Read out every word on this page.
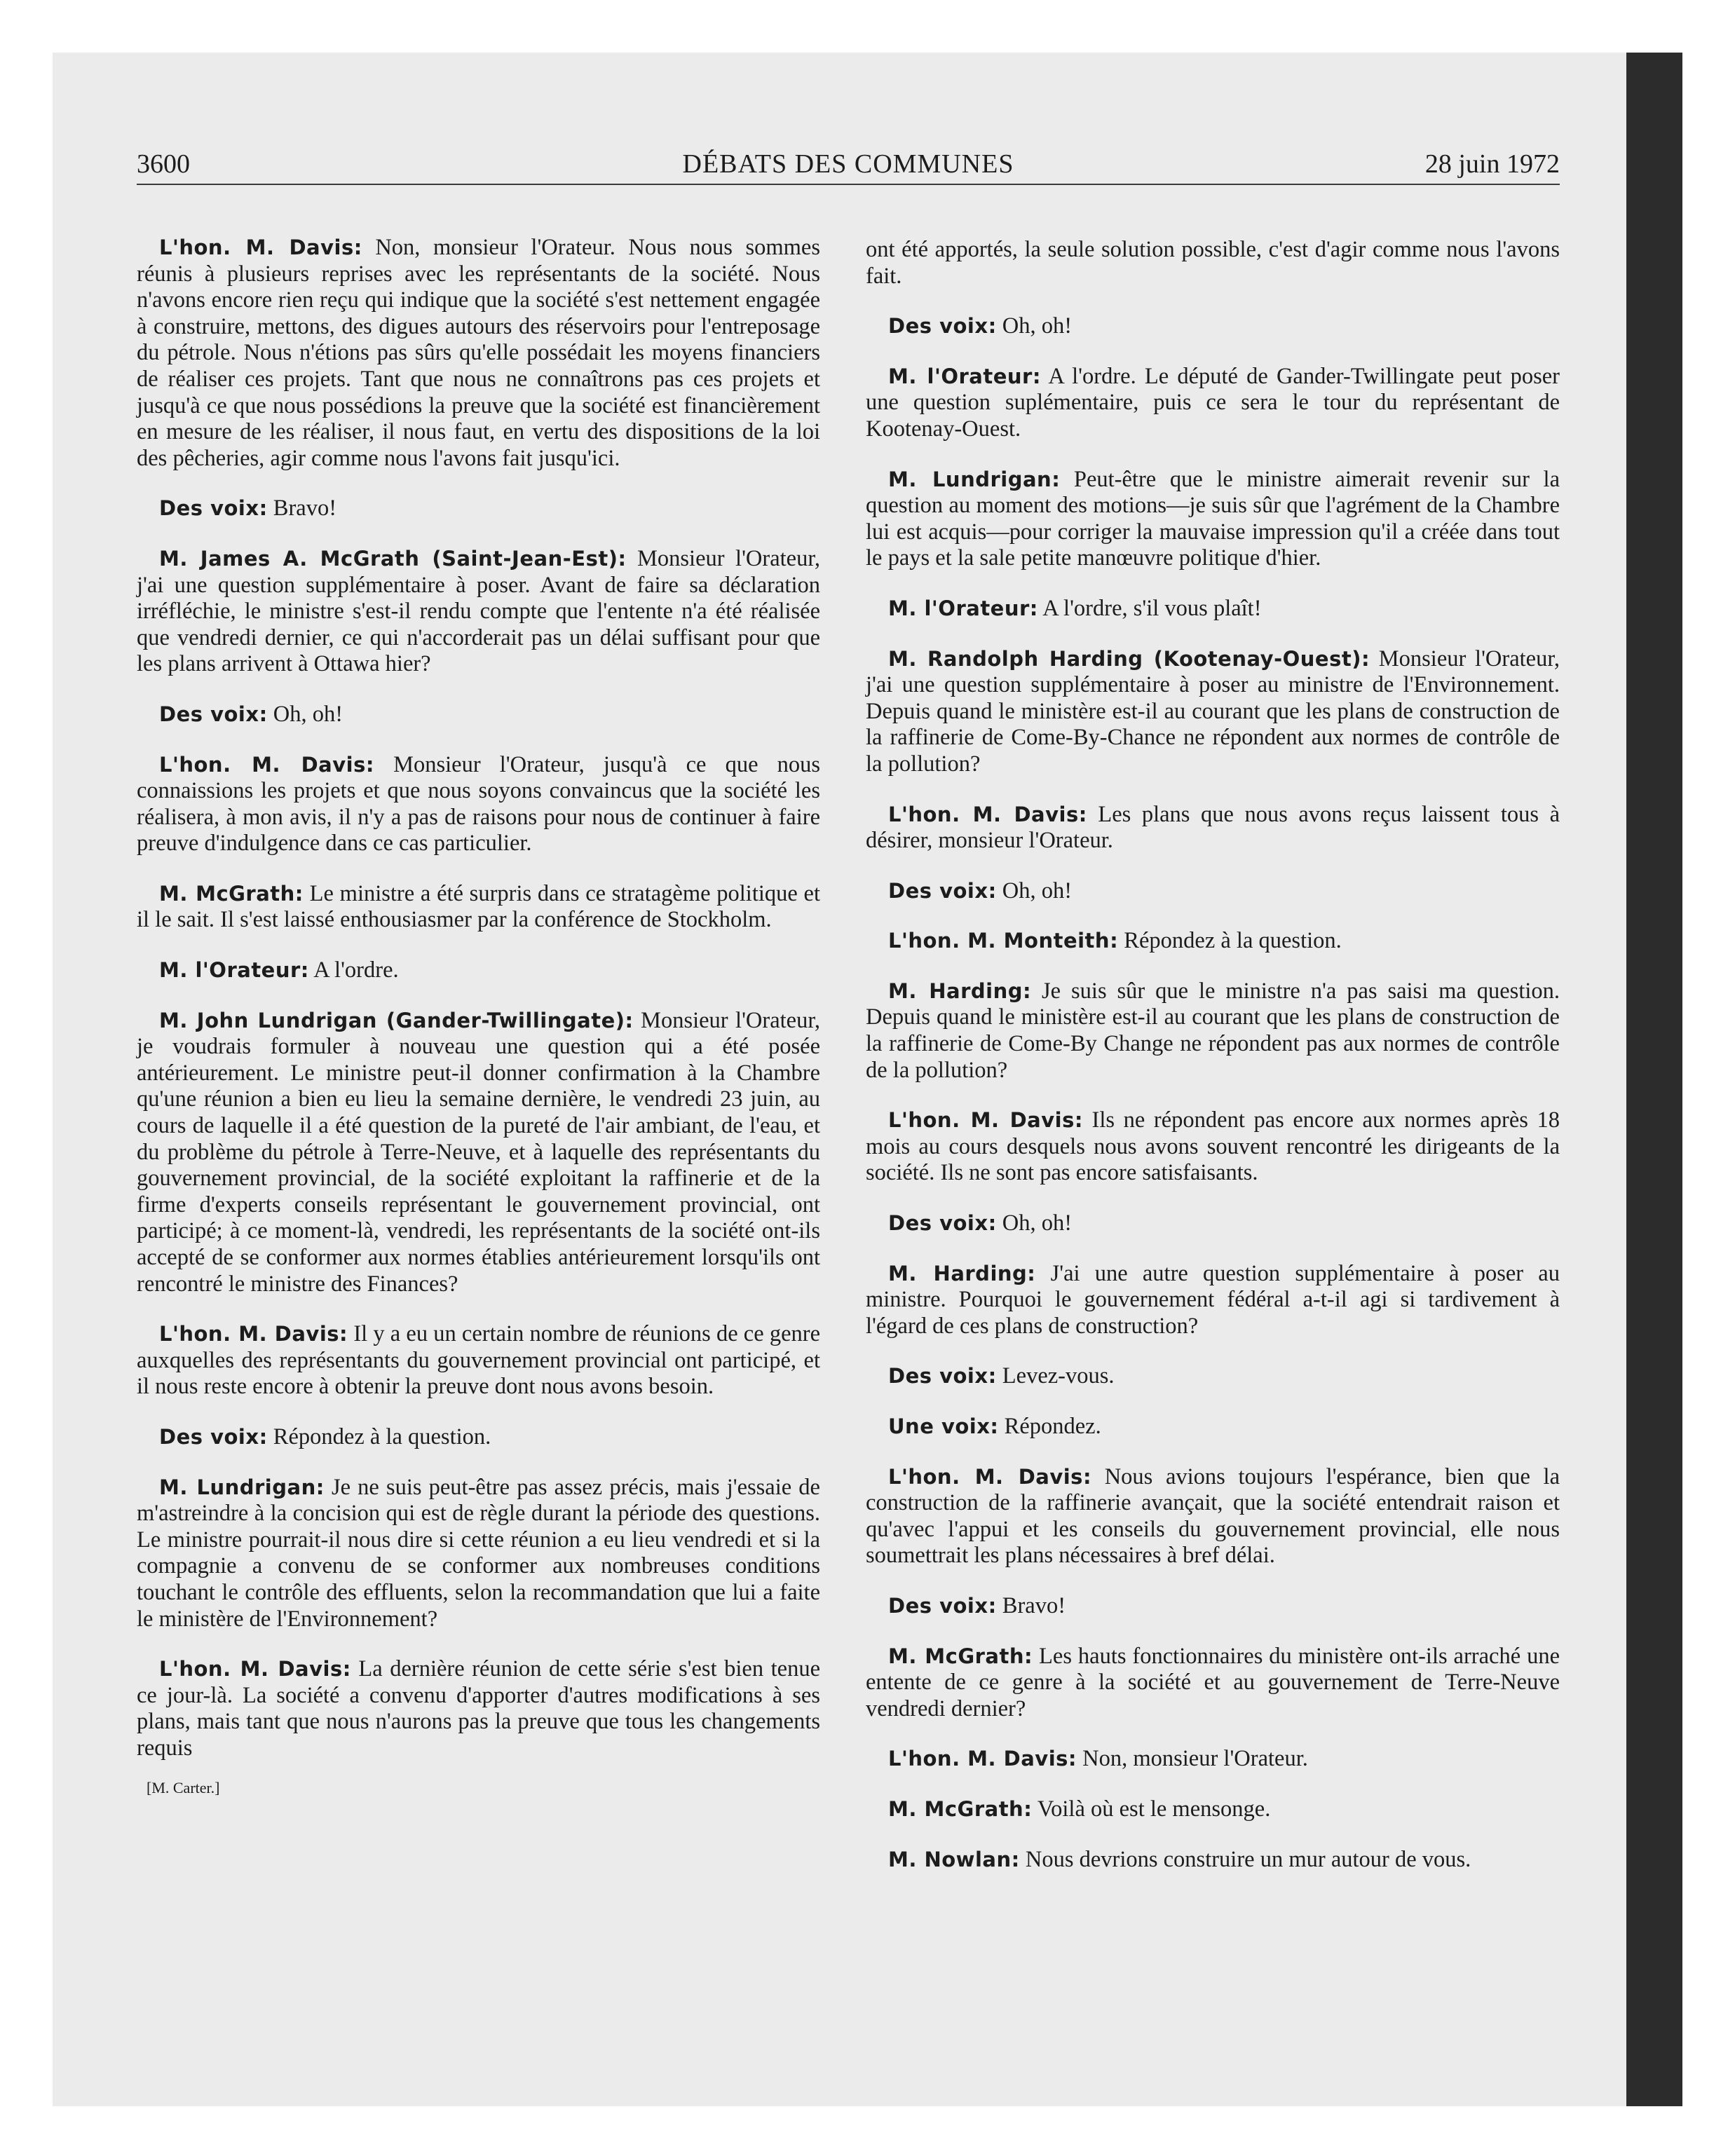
DÉBATS DES COMMUNES
3600	28 juin 1972

L'hon. M. Davis: Non, monsieur l'Orateur. Nous nous sommes réunis à plusieurs reprises avec les représentants de la société. Nous n'avons encore rien reçu qui indique que la société s'est nettement engagée à construire, mettons, des digues autours des réservoirs pour l'entreposage du pétrole. Nous n'étions pas sûrs qu'elle possédait les moyens financiers de réaliser ces projets. Tant que nous ne connaîtrons pas ces projets et jusqu'à ce que nous possédions la preuve que la société est financièrement en mesure de les réaliser, il nous faut, en vertu des dispositions de la loi des pêcheries, agir comme nous l'avons fait jusqu'ici.

Des voix: Bravo!

M. James A. McGrath (Saint-Jean-Est): Monsieur l'Orateur, j'ai une question supplémentaire à poser. Avant de faire sa déclaration irréfléchie, le ministre s'est-il rendu compte que l'entente n'a été réalisée que vendredi dernier, ce qui n'accorderait pas un délai suffisant pour que les plans arrivent à Ottawa hier?

Des voix: Oh, oh!

L'hon. M. Davis: Monsieur l'Orateur, jusqu'à ce que nous connaissions les projets et que nous soyons convaincus que la société les réalisera, à mon avis, il n'y a pas de raisons pour nous de continuer à faire preuve d'indulgence dans ce cas particulier.

M. McGrath: Le ministre a été surpris dans ce stratagème politique et il le sait. Il s'est laissé enthousiasmer par la conférence de Stockholm.

M. l'Orateur: A l'ordre.

M. John Lundrigan (Gander-Twillingate): Monsieur l'Orateur, je voudrais formuler à nouveau une question qui a été posée antérieurement. Le ministre peut-il donner confirmation à la Chambre qu'une réunion a bien eu lieu la semaine dernière, le vendredi 23 juin, au cours de laquelle il a été question de la pureté de l'air ambiant, de l'eau, et du problème du pétrole à Terre-Neuve, et à laquelle des représentants du gouvernement provincial, de la société exploitant la raffinerie et de la firme d'experts conseils représentant le gouvernement provincial, ont participé; à ce moment-là, vendredi, les représentants de la société ont-ils accepté de se conformer aux normes établies antérieurement lorsqu'ils ont rencontré le ministre des Finances?

L'hon. M. Davis: Il y a eu un certain nombre de réunions de ce genre auxquelles des représentants du gouvernement provincial ont participé, et il nous reste encore à obtenir la preuve dont nous avons besoin.

Des voix: Répondez à la question.

M. Lundrigan: Je ne suis peut-être pas assez précis, mais j'essaie de m'astreindre à la concision qui est de règle durant la période des questions. Le ministre pourrait-il nous dire si cette réunion a eu lieu vendredi et si la compagnie a convenu de se conformer aux nombreuses conditions touchant le contrôle des effluents, selon la recommandation que lui a faite le ministère de l'Environnement?

L'hon. M. Davis: La dernière réunion de cette série s'est bien tenue ce jour-là. La société a convenu d'apporter d'autres modifications à ses plans, mais tant que nous n'aurons pas la preuve que tous les changements requis

[M. Carter.]

ont été apportés, la seule solution possible, c'est d'agir comme nous l'avons fait.

Des voix: Oh, oh!

M. l'Orateur: A l'ordre. Le député de Gander-Twillingate peut poser une question suplémentaire, puis ce sera le tour du représentant de Kootenay-Ouest.

M. Lundrigan: Peut-être que le ministre aimerait revenir sur la question au moment des motions—je suis sûr que l'agrément de la Chambre lui est acquis—pour corriger la mauvaise impression qu'il a créée dans tout le pays et la sale petite manœuvre politique d'hier.

M. l'Orateur: A l'ordre, s'il vous plaît!

M. Randolph Harding (Kootenay-Ouest): Monsieur l'Orateur, j'ai une question supplémentaire à poser au ministre de l'Environnement. Depuis quand le ministère est-il au courant que les plans de construction de la raffinerie de Come-By-Chance ne répondent aux normes de contrôle de la pollution?

L'hon. M. Davis: Les plans que nous avons reçus laissent tous à désirer, monsieur l'Orateur.

Des voix: Oh, oh!

L'hon. M. Monteith: Répondez à la question.

M. Harding: Je suis sûr que le ministre n'a pas saisi ma question. Depuis quand le ministère est-il au courant que les plans de construction de la raffinerie de Come-By Change ne répondent pas aux normes de contrôle de la pollution?

L'hon. M. Davis: Ils ne répondent pas encore aux normes après 18 mois au cours desquels nous avons souvent rencontré les dirigeants de la société. Ils ne sont pas encore satisfaisants.

Des voix: Oh, oh!

M. Harding: J'ai une autre question supplémentaire à poser au ministre. Pourquoi le gouvernement fédéral a-t-il agi si tardivement à l'égard de ces plans de construction?

Des voix: Levez-vous.

Une voix: Répondez.

L'hon. M. Davis: Nous avions toujours l'espérance, bien que la construction de la raffinerie avançait, que la société entendrait raison et qu'avec l'appui et les conseils du gouvernement provincial, elle nous soumettrait les plans nécessaires à bref délai.

Des voix: Bravo!

M. McGrath: Les hauts fonctionnaires du ministère ont-ils arraché une entente de ce genre à la société et au gouvernement de Terre-Neuve vendredi dernier?

L'hon. M. Davis: Non, monsieur l'Orateur.

M. McGrath: Voilà où est le mensonge.

M. Nowlan: Nous devrions construire un mur autour de vous.
